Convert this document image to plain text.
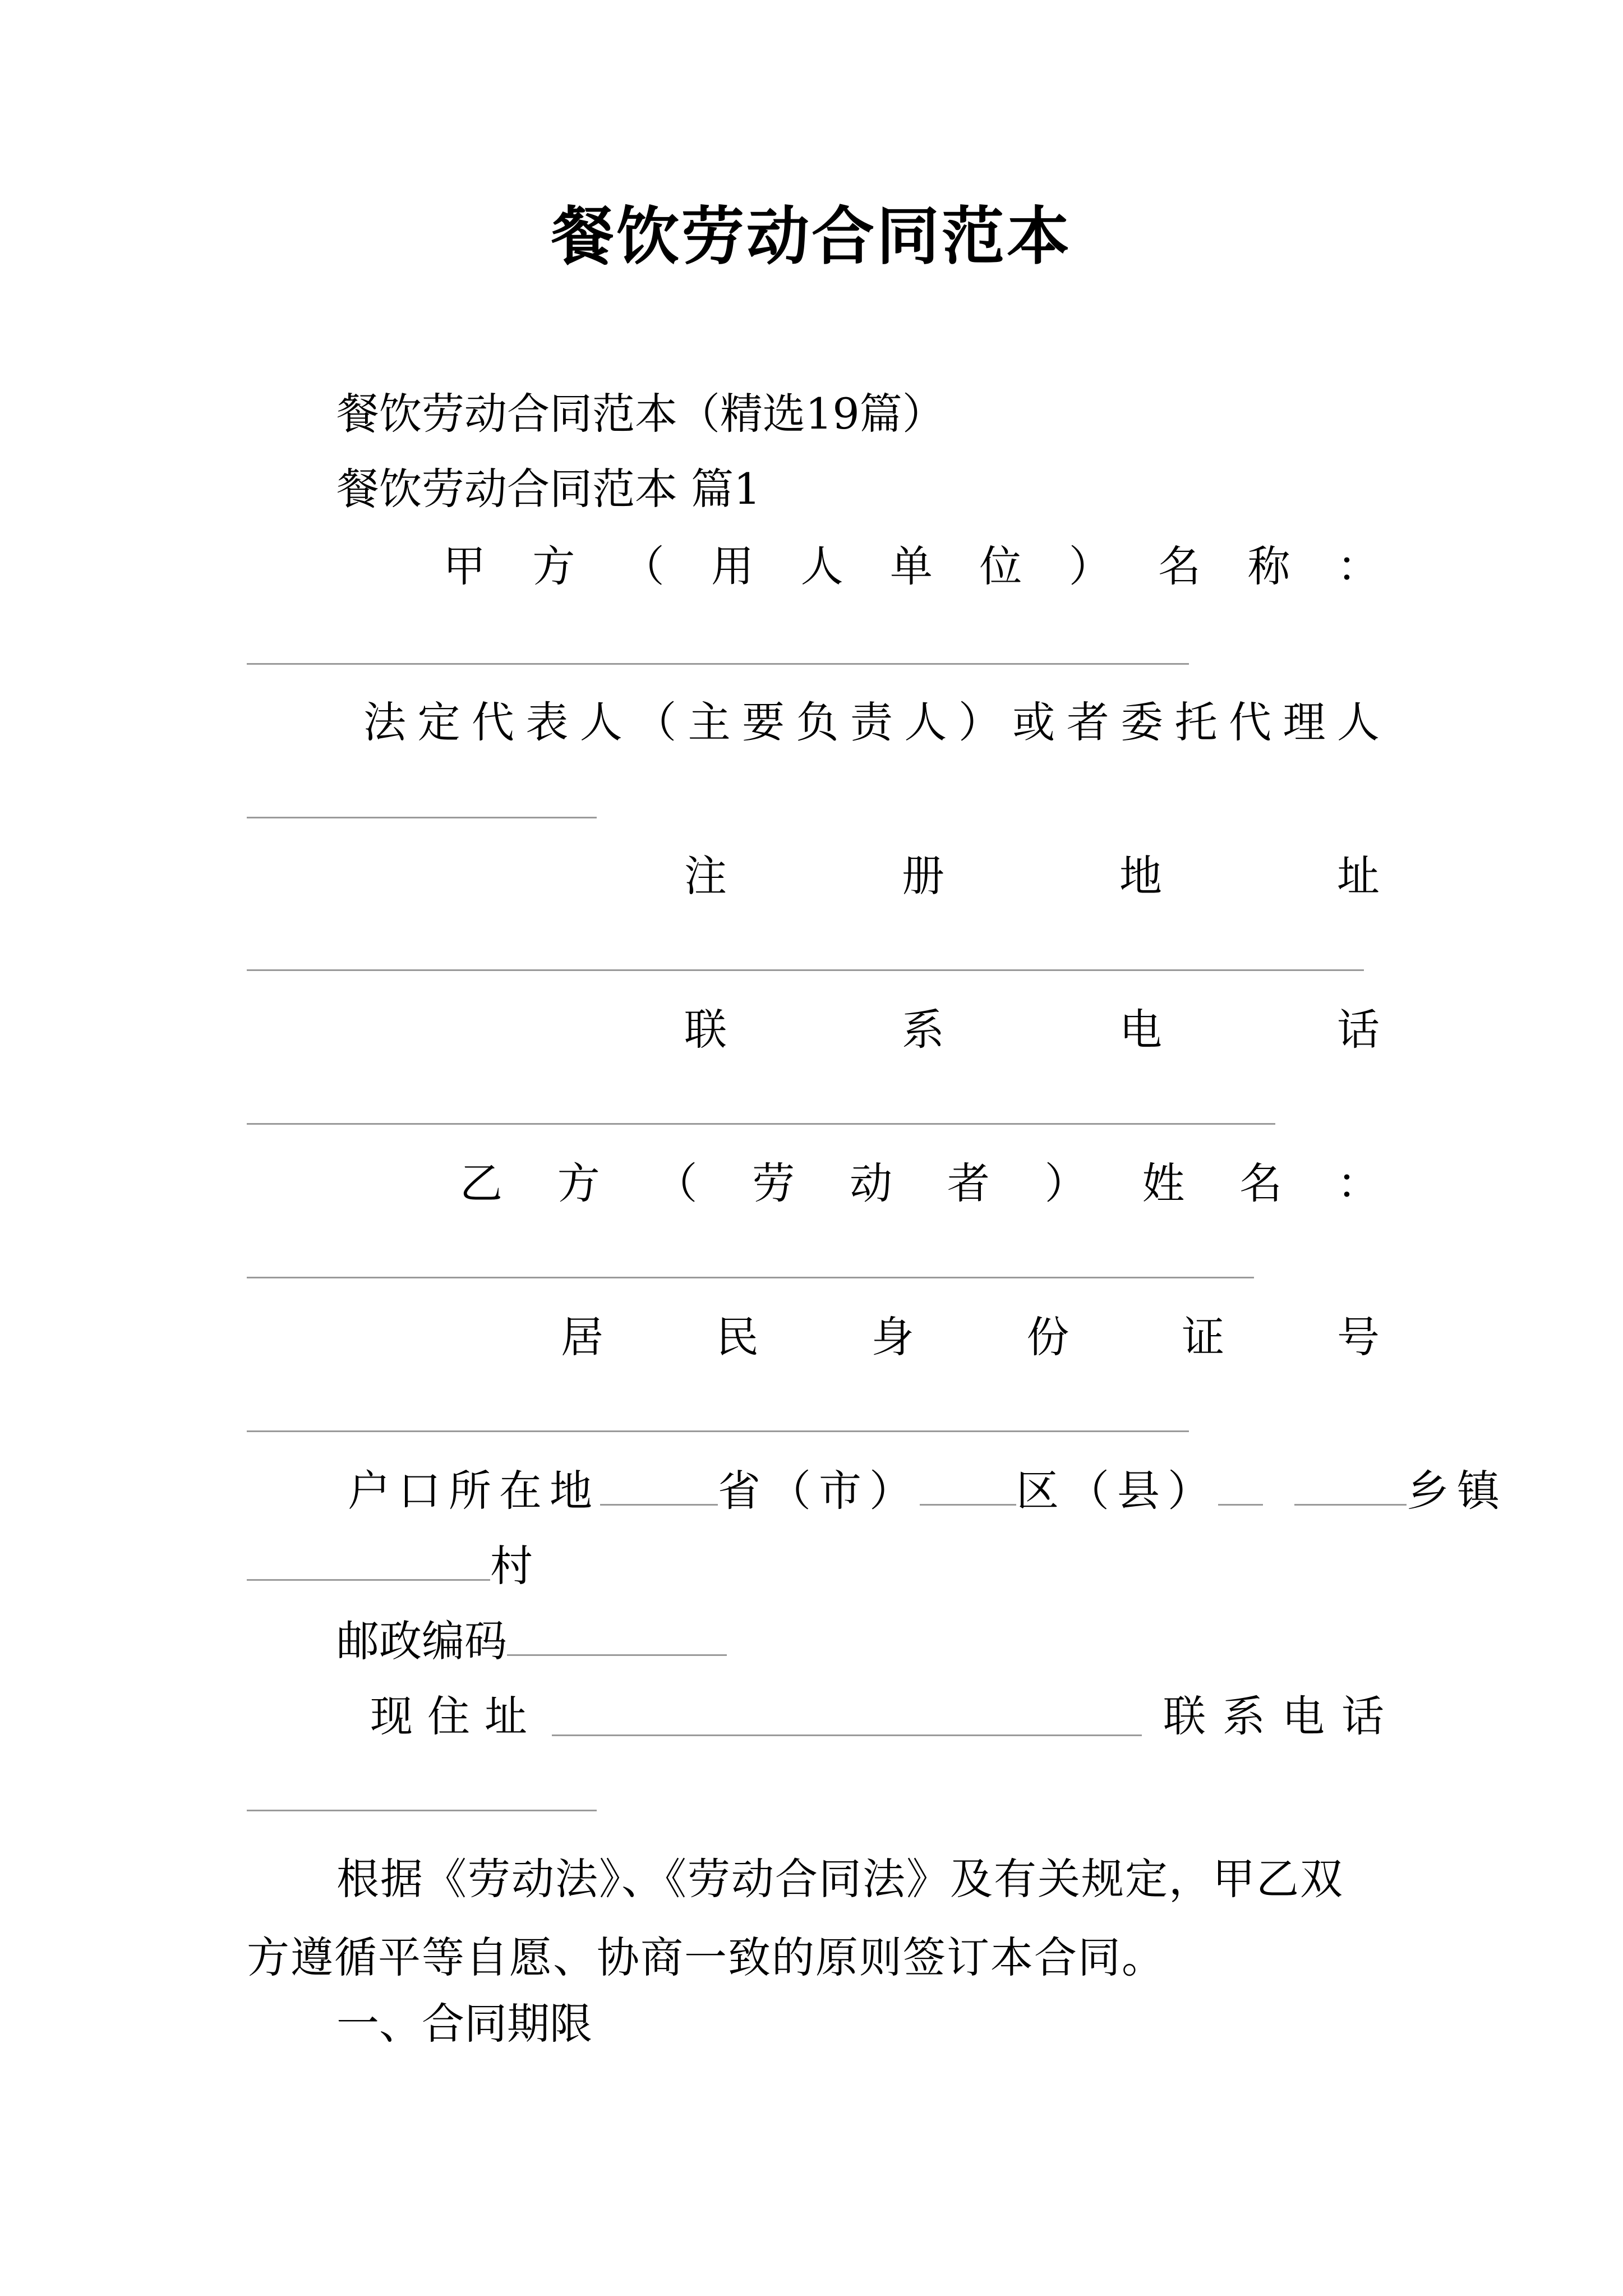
餐饮劳动合同范本
餐饮劳动合同范本（精选19篇）
餐饮劳动合同范本 篇1
甲 方 （ 用 人 单 位 ） 名 称 ：
法 定 代 表 人 （ 主 要 负 责 人 ） 或 者 委 托 代 理 人
注	册	地	址
联	系	电	话
乙 方 （ 劳 动 者 ） 姓 名 ：
居	民	身	份	证	号
户口所在地	省（市） 区（县）	乡镇
村
邮政编码
现住址	联系电话
根据《劳动法》、《劳动合同法》及有关规定，甲乙双方遵循平等自愿、协商一致的原则签订本合同。
一、合同期限
